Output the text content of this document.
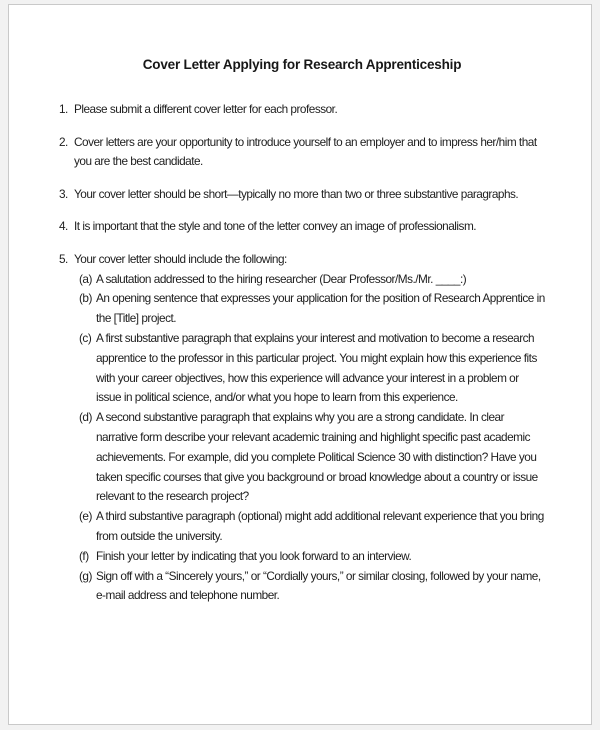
Cover Letter Applying for Research Apprenticeship
1. Please submit a different cover letter for each professor.
2. Cover letters are your opportunity to introduce yourself to an employer and to impress her/him that you are the best candidate.
3. Your cover letter should be short—typically no more than two or three substantive paragraphs.
4. It is important that the style and tone of the letter convey an image of professionalism.
5. Your cover letter should include the following:
(a) A salutation addressed to the hiring researcher (Dear Professor/Ms./Mr. ____:)
(b) An opening sentence that expresses your application for the position of Research Apprentice in the [Title] project.
(c) A first substantive paragraph that explains your interest and motivation to become a research apprentice to the professor in this particular project. You might explain how this experience fits with your career objectives, how this experience will advance your interest in a problem or issue in political science, and/or what you hope to learn from this experience.
(d) A second substantive paragraph that explains why you are a strong candidate. In clear narrative form describe your relevant academic training and highlight specific past academic achievements. For example, did you complete Political Science 30 with distinction? Have you taken specific courses that give you background or broad knowledge about a country or issue relevant to the research project?
(e) A third substantive paragraph (optional) might add additional relevant experience that you bring from outside the university.
(f) Finish your letter by indicating that you look forward to an interview.
(g) Sign off with a “Sincerely yours,” or “Cordially yours,” or similar closing, followed by your name, e-mail address and telephone number.
